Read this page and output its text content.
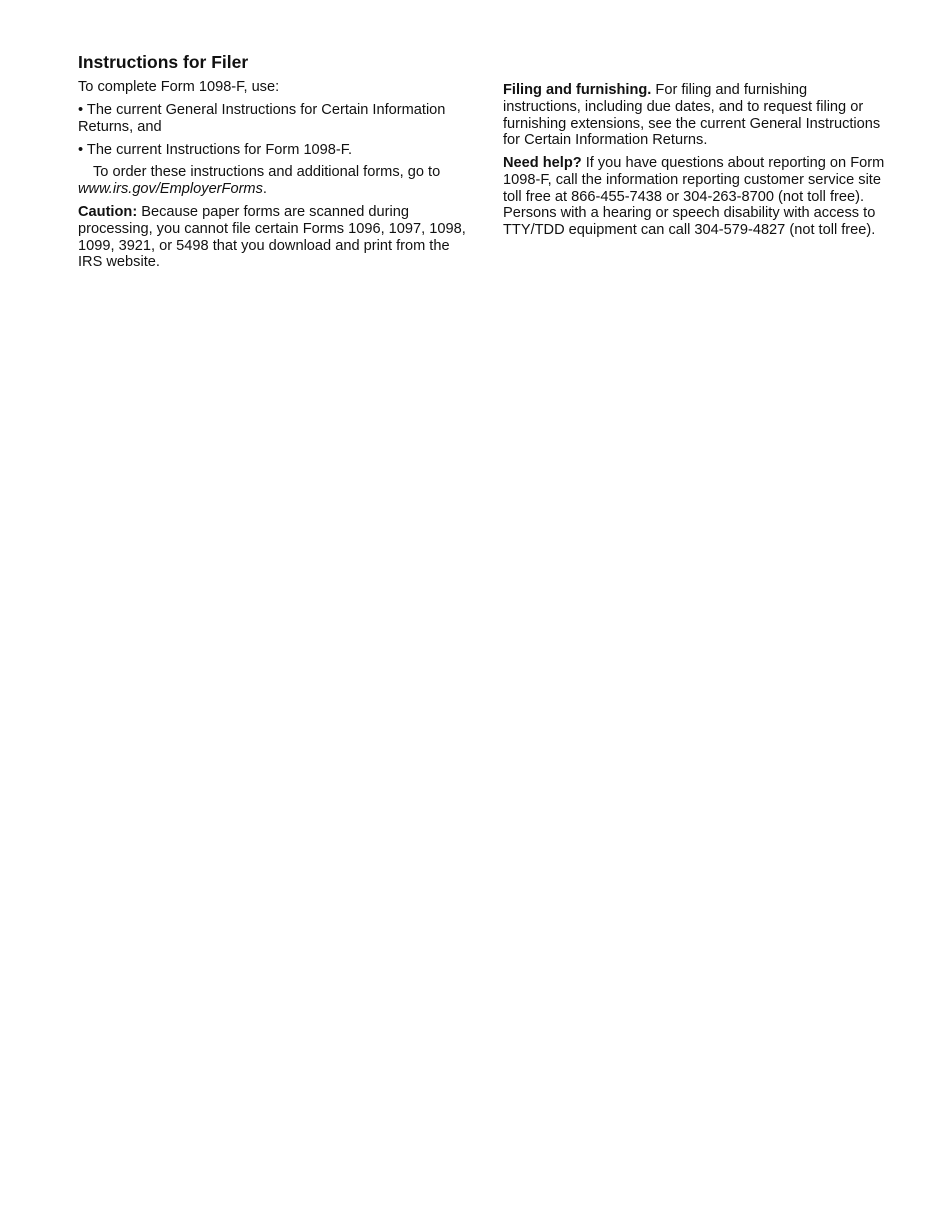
Instructions for Filer

To complete Form 1098-F, use:

• The current General Instructions for Certain Information Returns, and

• The current Instructions for Form 1098-F.

To order these instructions and additional forms, go to www.irs.gov/EmployerForms.

Caution: Because paper forms are scanned during processing, you cannot file certain Forms 1096, 1097, 1098, 1099, 3921, or 5498 that you download and print from the IRS website.

Filing and furnishing. For filing and furnishing instructions, including due dates, and to request filing or furnishing extensions, see the current General Instructions for Certain Information Returns.

Need help? If you have questions about reporting on Form 1098-F, call the information reporting customer service site toll free at 866-455-7438 or 304-263-8700 (not toll free). Persons with a hearing or speech disability with access to TTY/TDD equipment can call 304-579-4827 (not toll free).
